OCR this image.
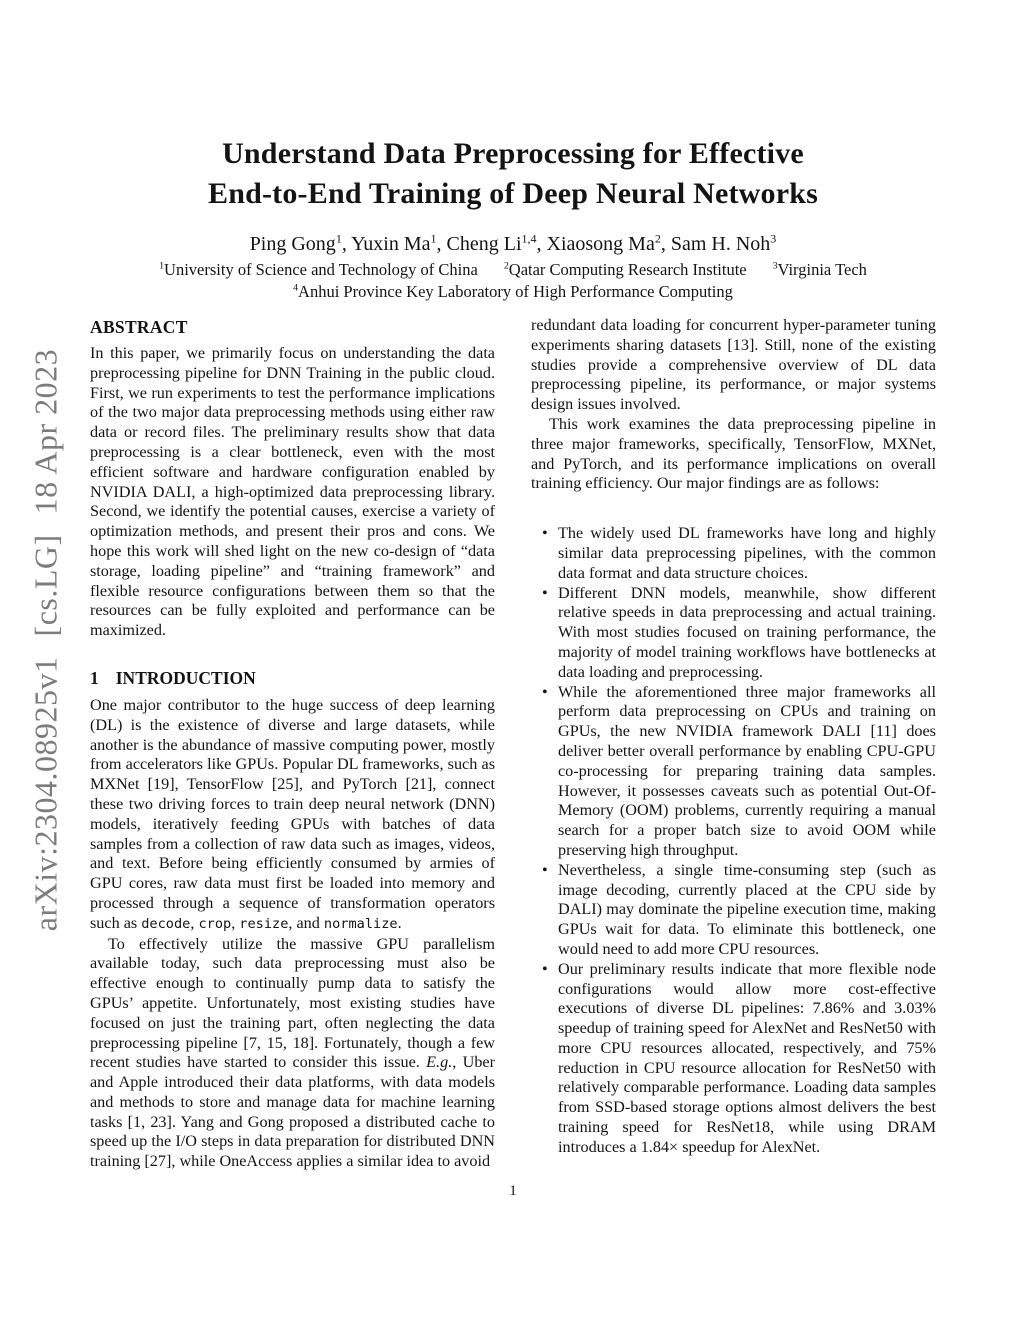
arXiv:2304.08925v1[cs.LG]18 Apr 2023
Understand Data Preprocessing for Effective
End-to-End Training of Deep Neural Networks
Ping Gong$^1$, Yuxin Ma$^1$, Cheng Li$^{1,4}$, Xiaosong Ma$^2$, Sam H. Noh$^3$
$^1$University of Science and Technology of China	$^2$Qatar Computing Research Institute	$^3$Virginia Tech
$^4$Anhui Province Key Laboratory of High Performance Computing
ABSTRACT

In this paper, we primarily focus on understanding the data preprocessing pipeline for DNN Training in the public cloud. First, we run experiments to test the performance implications of the two major data preprocessing methods using either raw data or record files. The preliminary results show that data preprocessing is a clear bottleneck, even with the most efficient software and hardware configuration enabled by NVIDIA DALI, a high-optimized data preprocessing library. Second, we identify the potential causes, exercise a variety of optimization methods, and present their pros and cons. We hope this work will shed light on the new co-design of “data storage, loading pipeline” and “training framework” and flexible resource configurations between them so that the resources can be fully exploited and performance can be maximized.

1 INTRODUCTION

One major contributor to the huge success of deep learning (DL) is the existence of diverse and large datasets, while another is the abundance of massive computing power, mostly from accelerators like GPUs. Popular DL frameworks, such as MXNet [19], TensorFlow [25], and PyTorch [21], connect these two driving forces to train deep neural network (DNN) models, iteratively feeding GPUs with batches of data samples from a collection of raw data such as images, videos, and text. Before being efficiently consumed by armies of GPU cores, raw data must first be loaded into memory and processed through a sequence of transformation operators such as decode, crop, resize, and normalize.

To effectively utilize the massive GPU parallelism available today, such data preprocessing must also be effective enough to continually pump data to satisfy the GPUs’ appetite. Unfortunately, most existing studies have focused on just the training part, often neglecting the data preprocessing pipeline [7, 15, 18]. Fortunately, though a few recent studies have started to consider this issue. E.g., Uber and Apple introduced their data platforms, with data models and methods to store and manage data for machine learning tasks [1, 23]. Yang and Gong proposed a distributed cache to speed up the I/O steps in data preparation for distributed DNN training [27], while OneAccess applies a similar idea to avoid

redundant data loading for concurrent hyper-parameter tuning experiments sharing datasets [13]. Still, none of the existing studies provide a comprehensive overview of DL data preprocessing pipeline, its performance, or major systems design issues involved.

This work examines the data preprocessing pipeline in three major frameworks, specifically, TensorFlow, MXNet, and PyTorch, and its performance implications on overall training efficiency. Our major findings are as follows:

• The widely used DL frameworks have long and highly similar data preprocessing pipelines, with the common data format and data structure choices.
• Different DNN models, meanwhile, show different relative speeds in data preprocessing and actual training. With most studies focused on training performance, the majority of model training workflows have bottlenecks at data loading and preprocessing.
• While the aforementioned three major frameworks all perform data preprocessing on CPUs and training on GPUs, the new NVIDIA framework DALI [11] does deliver better overall performance by enabling CPU-GPU co-processing for preparing training data samples. However, it possesses caveats such as potential Out-Of-Memory (OOM) problems, currently requiring a manual search for a proper batch size to avoid OOM while preserving high throughput.
• Nevertheless, a single time-consuming step (such as image decoding, currently placed at the CPU side by DALI) may dominate the pipeline execution time, making GPUs wait for data. To eliminate this bottleneck, one would need to add more CPU resources.
• Our preliminary results indicate that more flexible node configurations would allow more cost-effective executions of diverse DL pipelines: 7.86% and 3.03% speedup of training speed for AlexNet and ResNet50 with more CPU resources allocated, respectively, and 75% reduction in CPU resource allocation for ResNet50 with relatively comparable performance. Loading data samples from SSD-based storage options almost delivers the best training speed for ResNet18, while using DRAM introduces a 1.84× speedup for AlexNet.
1
